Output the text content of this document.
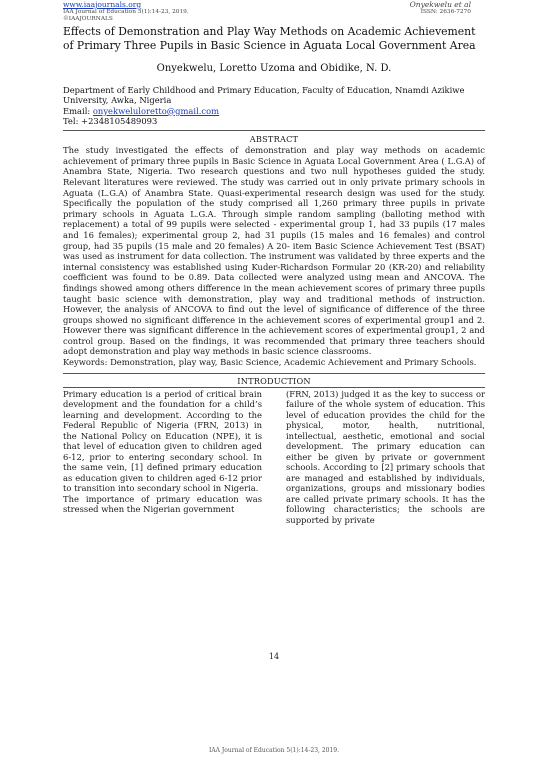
www.iaajournals.org	Onyekwelu et al
IAA Journal of Education 5(1):14-23, 2019.	ISSN: 2636-7270
©IAAJOURNALS
Effects of Demonstration and Play Way Methods on Academic Achievement of Primary Three Pupils in Basic Science in Aguata Local Government Area
Onyekwelu, Loretto Uzoma and Obidike, N. D.
Department of Early Childhood and Primary Education, Faculty of Education, Nnamdi Azikiwe University, Awka, Nigeria
Email: onyekweluloretto@gmail.com
Tel: +2348105489093
ABSTRACT
The study investigated the effects of demonstration and play way methods on academic achievement of primary three pupils in Basic Science in Aguata Local Government Area ( L.G.A) of Anambra State, Nigeria. Two research questions and two null hypotheses guided the study. Relevant literatures were reviewed. The study was carried out in only private primary schools in Aguata (L.G.A) of Anambra State. Quasi-experimental research design was used for the study. Specifically the population of the study comprised all 1,260 primary three pupils in private primary schools in Aguata L.G.A. Through simple random sampling (balloting method with replacement) a total of 99 pupils were selected - experimental group 1, had 33 pupils (17 males and 16 females); experimental group 2, had 31 pupils (15 males and 16 females) and control group, had 35 pupils (15 male and 20 females) A 20- item Basic Science Achievement Test (BSAT) was used as instrument for data collection. The instrument was validated by three experts and the internal consistency was established using Kuder-Richardson Formular 20 (KR-20) and reliability coefficient was found to be 0.89. Data collected were analyzed using mean and ANCOVA. The findings showed among others difference in the mean achievement scores of primary three pupils taught basic science with demonstration, play way and traditional methods of instruction. However, the analysis of ANCOVA to find out the level of significance of difference of the three groups showed no significant difference in the achievement scores of experimental group1 and 2. However there was significant difference in the achievement scores of experimental group1, 2 and control group. Based on the findings, it was recommended that primary three teachers should adopt demonstration and play way methods in basic science classrooms.
Keywords: Demonstration, play way, Basic Science, Academic Achievement and Primary Schools.
INTRODUCTION

Primary education is a period of critical brain development and the foundation for a child’s learning and development. According to the Federal Republic of Nigeria (FRN, 2013) in the National Policy on Education (NPE), it is that level of education given to children aged 6-12, prior to entering secondary school. In the same vein, [1] defined primary education as education given to children aged 6-12 prior to transition into secondary school in Nigeria.

The importance of primary education was stressed when the Nigerian government

(FRN, 2013) judged it as the key to success or failure of the whole system of education. This level of education provides the child for the physical, motor, health, nutritional, intellectual, aesthetic, emotional and social development. The primary education can either be given by private or government schools. According to [2] primary schools that are managed and established by individuals, organizations, groups and missionary bodies are called private primary schools. It has the following characteristics; the schools are supported by private

14
IAA Journal of Education 5(1):14-23, 2019.
